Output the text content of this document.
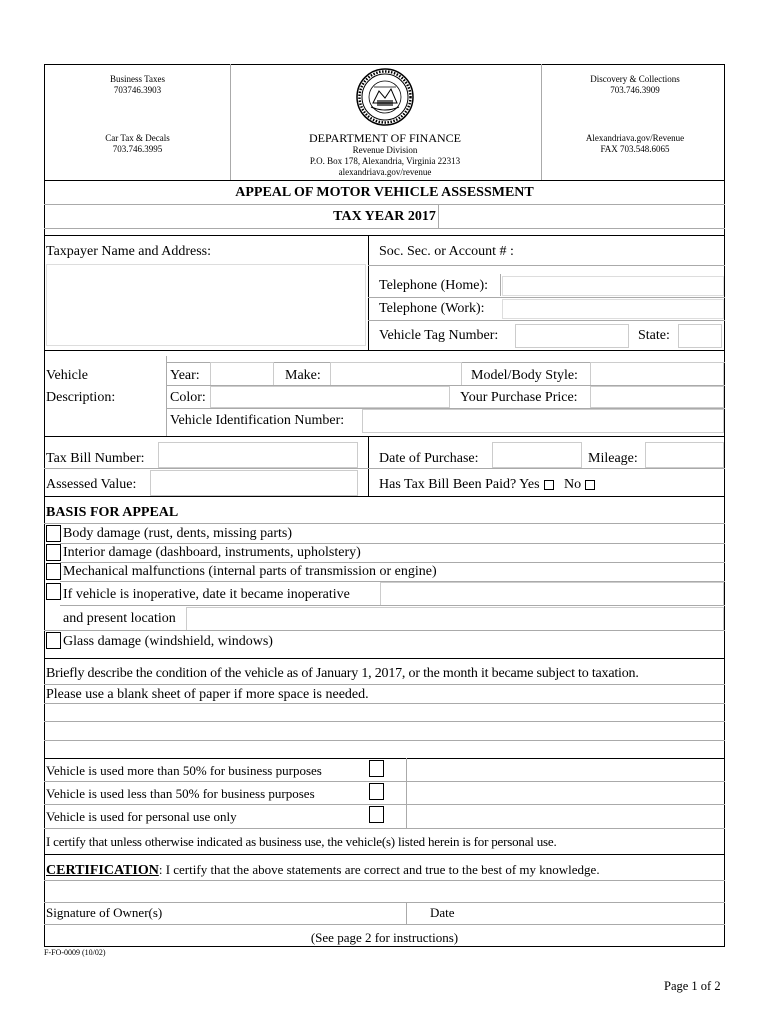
Business Taxes
703746.3903
Car Tax & Decals
703.746.3995
Discovery & Collections
703.746.3909
Alexandriava.gov/Revenue
FAX 703.548.6065
DEPARTMENT OF FINANCE
Revenue Division
P.O. Box 178, Alexandria, Virginia 22313
alexandriava.gov/revenue
APPEAL OF MOTOR VEHICLE ASSESSMENT
TAX YEAR 2017
Taxpayer Name and Address:	Soc. Sec. or Account # :
Telephone (Home):
Telephone (Work):
Vehicle Tag Number:	State:
Vehicle
Description:
Year:	Make:	Model/Body Style:
Color:	Your Purchase Price:
Vehicle Identification Number:
Tax Bill Number:	Date of Purchase:	Mileage:
Assessed Value:	Has Tax Bill Been Paid? Yes No
BASIS FOR APPEAL
Body damage (rust, dents, missing parts)
Interior damage (dashboard, instruments, upholstery)
Mechanical malfunctions (internal parts of transmission or engine)
If vehicle is inoperative, date it became inoperative
and present location
Glass damage (windshield, windows)
Briefly describe the condition of the vehicle as of January 1, 2017, or the month it became subject to taxation.
Please use a blank sheet of paper if more space is needed.
Vehicle is used more than 50% for business purposes
Vehicle is used less than 50% for business purposes
Vehicle is used for personal use only
I certify that unless otherwise indicated as business use, the vehicle(s) listed herein is for personal use.
CERTIFICATION: I certify that the above statements are correct and true to the best of my knowledge.
Signature of Owner(s)	Date
(See page 2 for instructions)
F-FO-0009 (10/02)
Page 1 of 2
